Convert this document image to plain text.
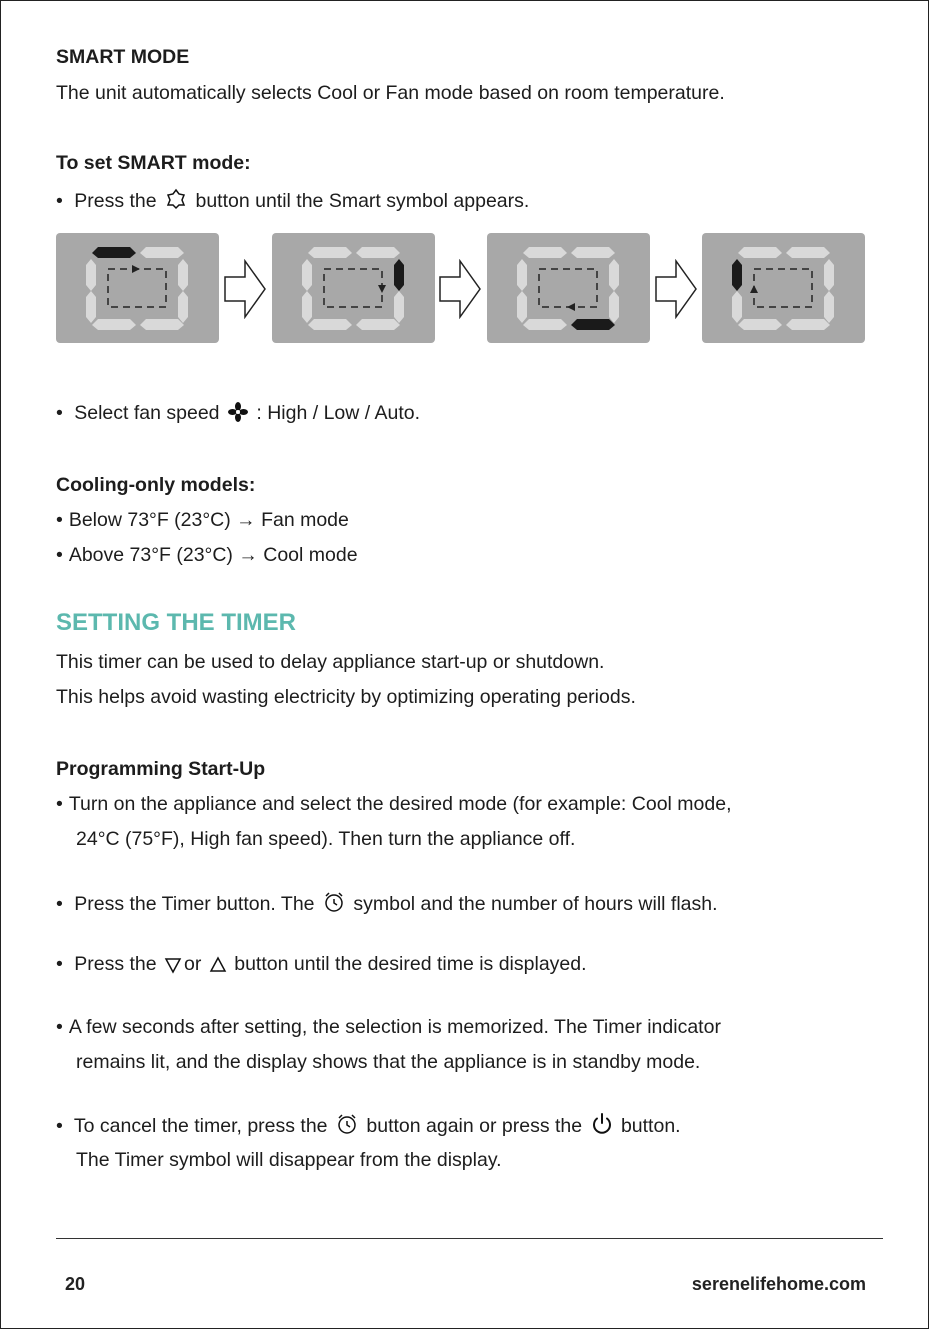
SMART MODE
The unit automatically selects Cool or Fan mode based on room temperature.
To set SMART mode:
• Press the button until the Smart symbol appears.
• Select fan speed : High / Low / Auto.
Cooling-only models:
• Below 73°F (23°C) → Fan mode
• Above 73°F (23°C) → Cool mode
SETTING THE TIMER
This timer can be used to delay appliance start-up or shutdown.
This helps avoid wasting electricity by optimizing operating periods.
Programming Start-Up
• Turn on the appliance and select the desired mode (for example: Cool mode,
24°C (75°F), High fan speed). Then turn the appliance off.
• Press the Timer button. The symbol and the number of hours will flash.
• Press the or button until the desired time is displayed.
• A few seconds after setting, the selection is memorized. The Timer indicator
remains lit, and the display shows that the appliance is in standby mode.
• To cancel the timer, press the button again or press the button.
The Timer symbol will disappear from the display.
20	serenelifehome.com
